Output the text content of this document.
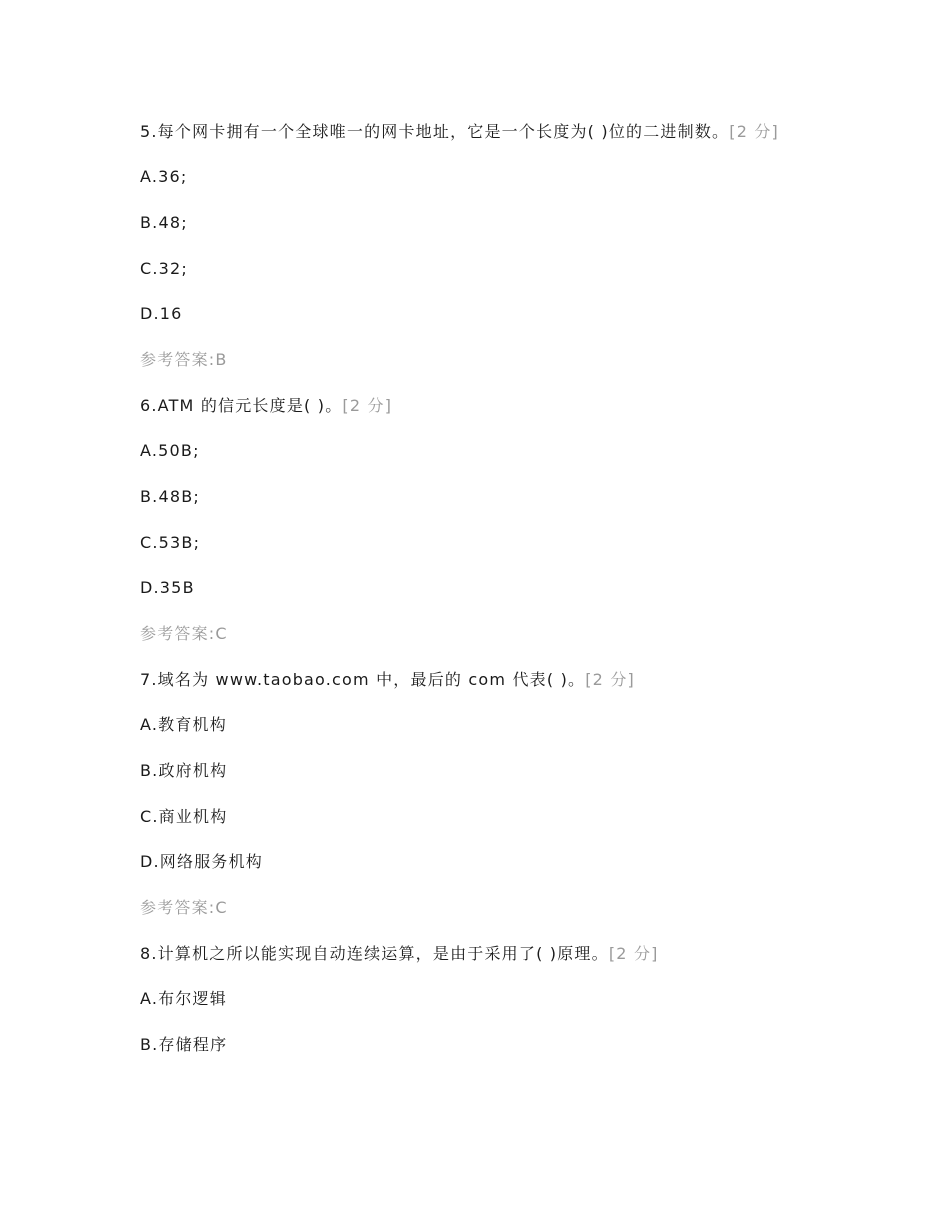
5.每个网卡拥有一个全球唯一的网卡地址，它是一个长度为( )位的二进制数。[2 分]

A.36;

B.48;

C.32;

D.16

参考答案:B

6.ATM 的信元长度是( )。[2 分]

A.50B;

B.48B;

C.53B;

D.35B

参考答案:C

7.域名为 www.taobao.com 中，最后的 com 代表( )。[2 分]

A.教育机构

B.政府机构

C.商业机构

D.网络服务机构

参考答案:C

8.计算机之所以能实现自动连续运算，是由于采用了( )原理。[2 分]

A.布尔逻辑

B.存储程序
